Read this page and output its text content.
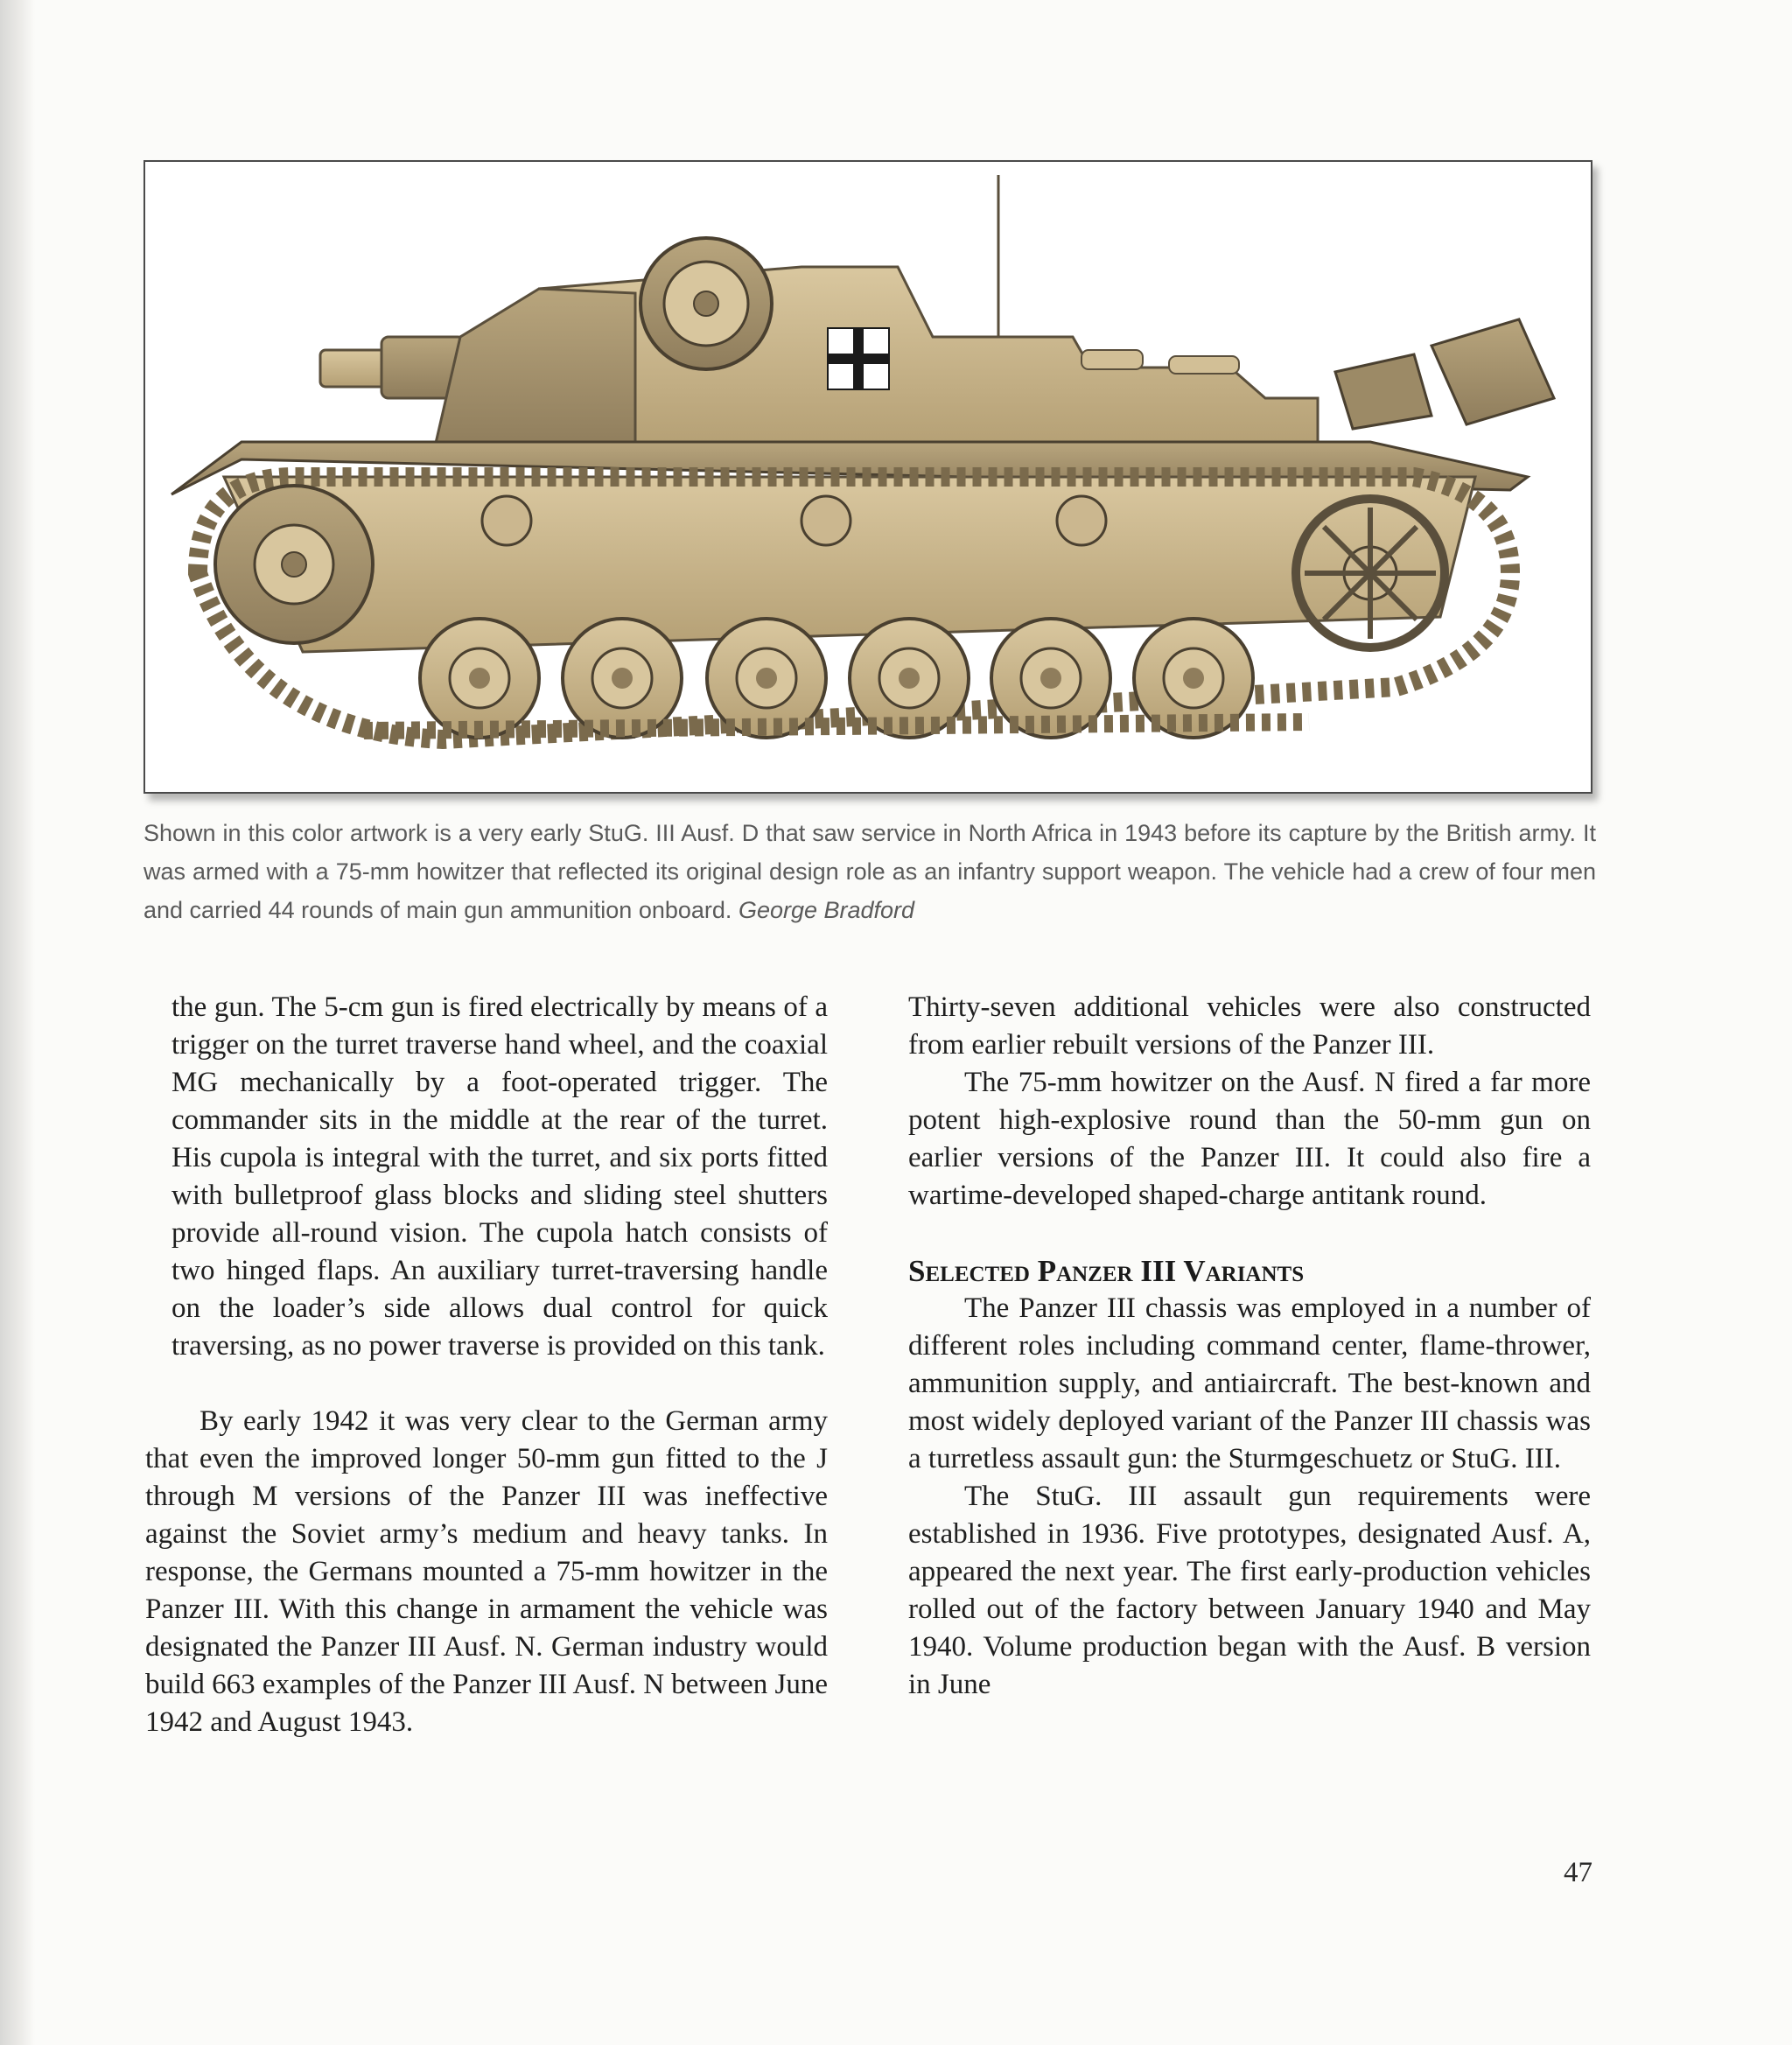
Shown in this color artwork is a very early StuG. III Ausf. D that saw service in North Africa in 1943 before its capture by the British army. It was armed with a 75-mm howitzer that reflected its original design role as an infantry support weapon. The vehicle had a crew of four men and carried 44 rounds of main gun ammunition onboard. George Bradford

the gun. The 5-cm gun is fired electrically by means of a trigger on the turret traverse hand wheel, and the coaxial MG mechanically by a foot-operated trigger. The commander sits in the middle at the rear of the turret. His cupola is integral with the turret, and six ports fitted with bulletproof glass blocks and sliding steel shutters provide all-round vision. The cupola hatch consists of two hinged flaps. An auxiliary turret-traversing handle on the loader’s side allows dual control for quick traversing, as no power traverse is provided on this tank.

By early 1942 it was very clear to the German army that even the improved longer 50-mm gun fitted to the J through M versions of the Panzer III was ineffective against the Soviet army’s medium and heavy tanks. In response, the Germans mounted a 75-mm howitzer in the Panzer III. With this change in armament the vehicle was designated the Panzer III Ausf. N. German industry would build 663 examples of the Panzer III Ausf. N between June 1942 and August 1943.

Thirty-seven additional vehicles were also constructed from earlier rebuilt versions of the Panzer III.

The 75-mm howitzer on the Ausf. N fired a far more potent high-explosive round than the 50-mm gun on earlier versions of the Panzer III. It could also fire a wartime-developed shaped-charge antitank round.

Selected Panzer III Variants

The Panzer III chassis was employed in a number of different roles including command center, flame-thrower, ammunition supply, and antiaircraft. The best-known and most widely deployed variant of the Panzer III chassis was a turretless assault gun: the Sturmgeschuetz or StuG. III.

The StuG. III assault gun requirements were established in 1936. Five prototypes, designated Ausf. A, appeared the next year. The first early-production vehicles rolled out of the factory between January 1940 and May 1940. Volume production began with the Ausf. B version in June

47
